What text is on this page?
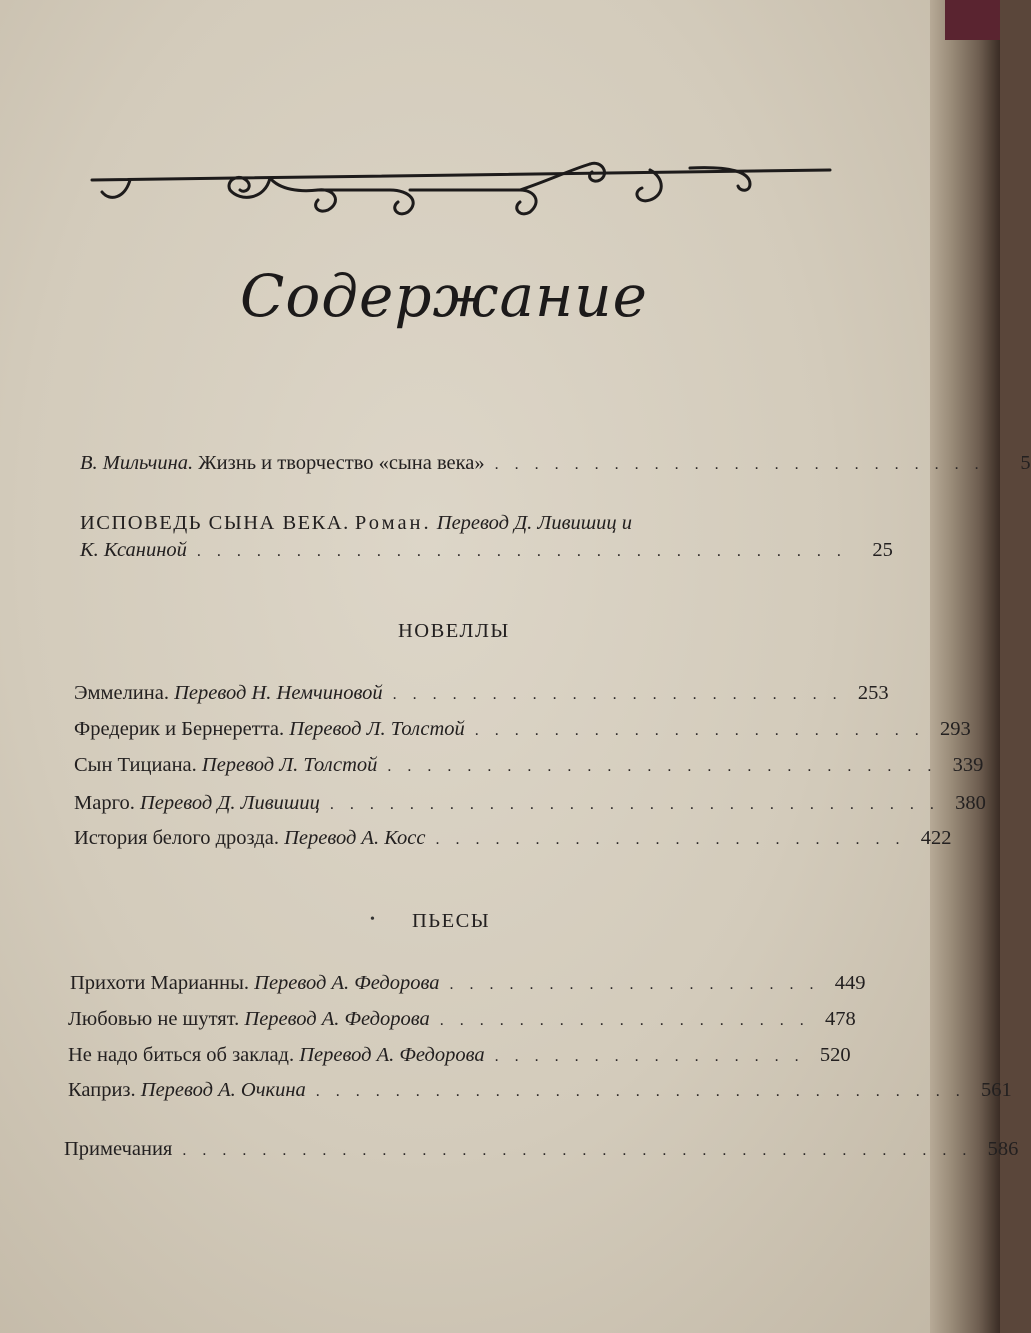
Содержание
В. Мильчина. Жизнь и творчество «сына века» . . . . . . . . . . . . . . . . . . . . . . . . .	5
ИСПОВЕДЬ СЫНА ВЕКА. Роман. Перевод Д. Ливишиц и
К. Ксаниной . . . . . . . . . . . . . . . . . . . . . . . . . . . . . . . . .	25
НОВЕЛЛЫ
Эммелина. Перевод Н. Немчиновой . . . . . . . . . . . . . . . . . . . . . . . 253
Фредерик и Бернеретта. Перевод Л. Толстой . . . . . . . . . . . . . . . . . . . . . . . 293
Сын Тициана. Перевод Л. Толстой . . . . . . . . . . . . . . . . . . . . . . . . . . . . 339
Марго. Перевод Д. Ливишиц . . . . . . . . . . . . . . . . . . . . . . . . . . . . . . . 380
История белого дрозда. Перевод А. Косс . . . . . . . . . . . . . . . . . . . . . . . . 422
• ПЬЕСЫ
Прихоти Марианны. Перевод А. Федорова . . . . . . . . . . . . . . . . . . . 449
Любовью не шутят. Перевод А. Федорова . . . . . . . . . . . . . . . . . . . 478
Не надо биться об заклад. Перевод А. Федорова . . . . . . . . . . . . . . . . 520
Каприз. Перевод А. Очкина . . . . . . . . . . . . . . . . . . . . . . . . . . . . . . . . . 561
Примечания . . . . . . . . . . . . . . . . . . . . . . . . . . . . . . . . . . . . . . . . 586
